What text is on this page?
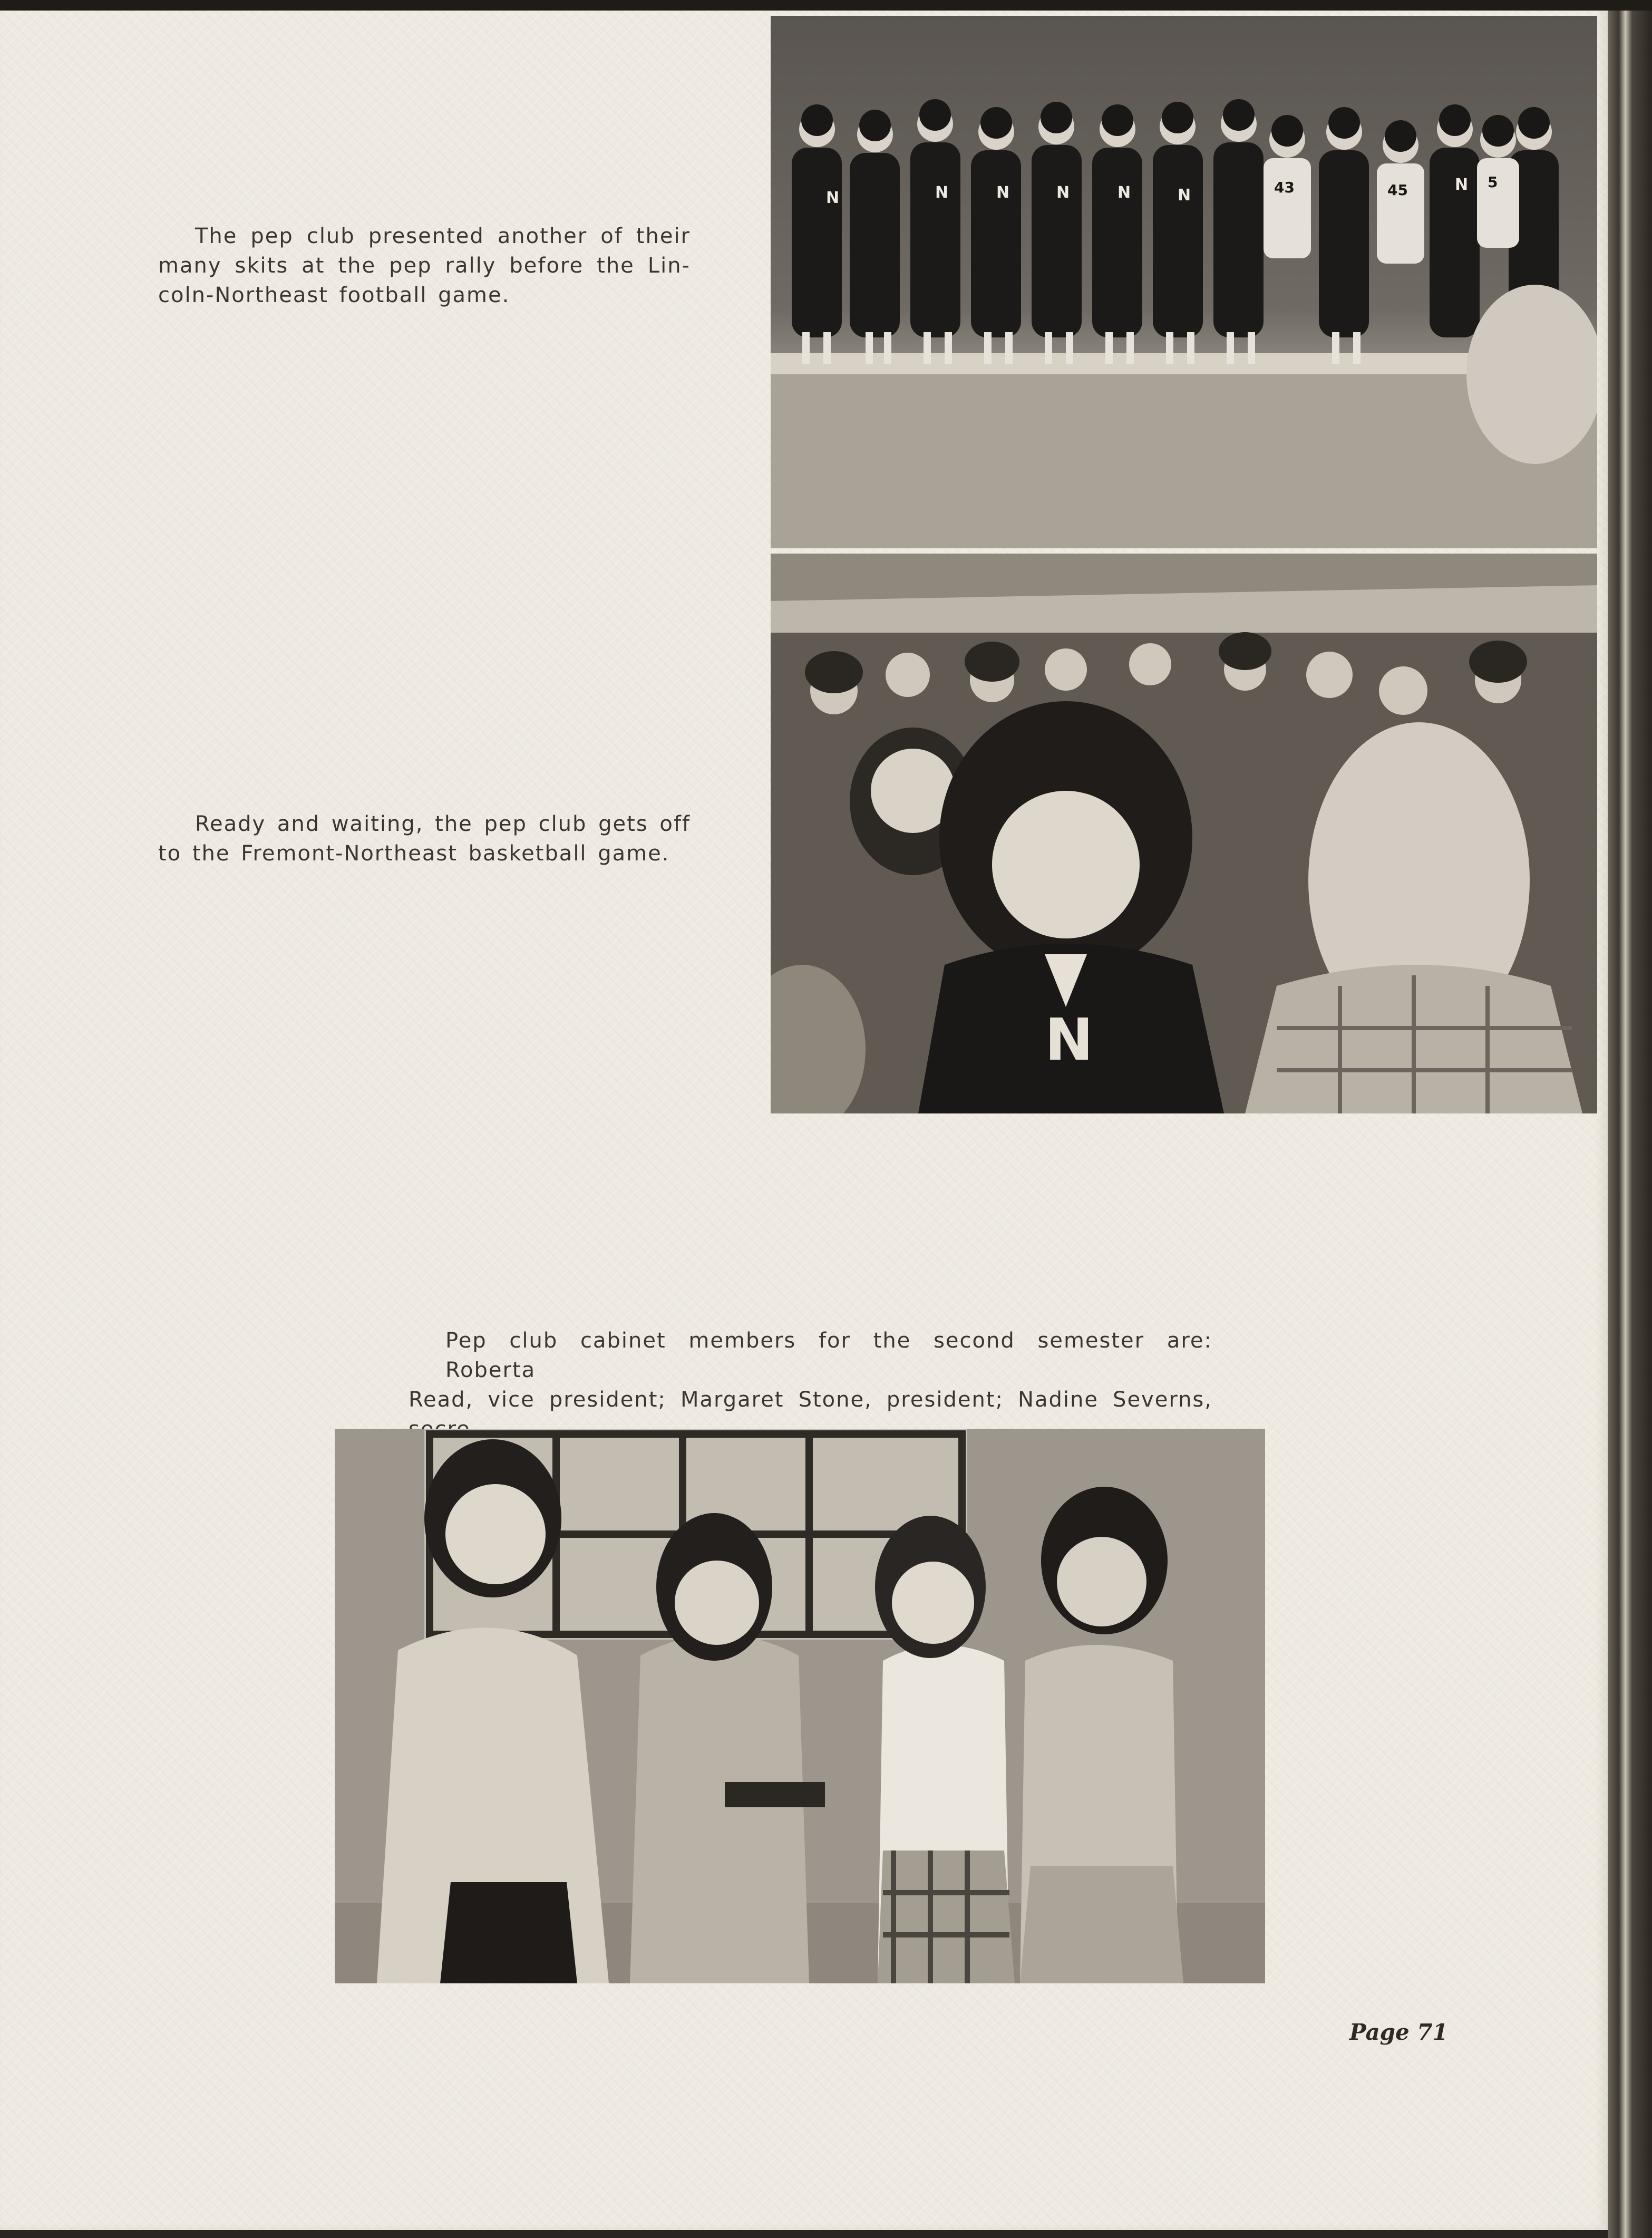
The pep club presented another of their
many skits at the pep rally before the Lin-
coln-Northeast football game.
Ready and waiting, the pep club gets off
to the Fremont-Northeast basketball game.
Pep club cabinet members for the second semester are: Roberta
Read, vice president; Margaret Stone, president; Nadine Severns,
N	N	N	N	N	N
N
43	45	5
N
Page 71
